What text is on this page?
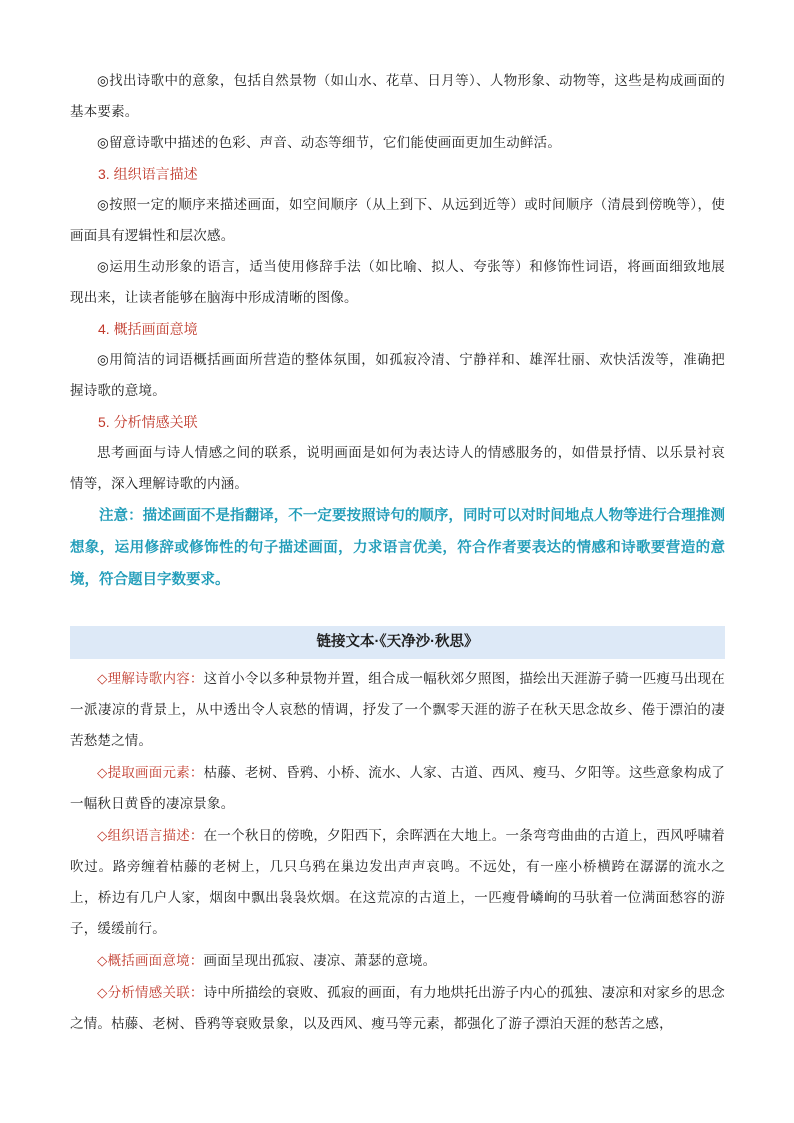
◎找出诗歌中的意象，包括自然景物（如山水、花草、日月等）、人物形象、动物等，这些是构成画面的基本要素。

◎留意诗歌中描述的色彩、声音、动态等细节，它们能使画面更加生动鲜活。

3. 组织语言描述

◎按照一定的顺序来描述画面，如空间顺序（从上到下、从远到近等）或时间顺序（清晨到傍晚等），使画面具有逻辑性和层次感。

◎运用生动形象的语言，适当使用修辞手法（如比喻、拟人、夸张等）和修饰性词语，将画面细致地展现出来，让读者能够在脑海中形成清晰的图像。

4. 概括画面意境

◎用简洁的词语概括画面所营造的整体氛围，如孤寂冷清、宁静祥和、雄浑壮丽、欢快活泼等，准确把握诗歌的意境。

5. 分析情感关联

思考画面与诗人情感之间的联系，说明画面是如何为表达诗人的情感服务的，如借景抒情、以乐景衬哀情等，深入理解诗歌的内涵。

注意：描述画面不是指翻译，不一定要按照诗句的顺序，同时可以对时间地点人物等进行合理推测想象，运用修辞或修饰性的句子描述画面，力求语言优美，符合作者要表达的情感和诗歌要营造的意境，符合题目字数要求。

链接文本·《天净沙·秋思》

◇理解诗歌内容：这首小令以多种景物并置，组合成一幅秋郊夕照图，描绘出天涯游子骑一匹瘦马出现在一派凄凉的背景上，从中透出令人哀愁的情调，抒发了一个飘零天涯的游子在秋天思念故乡、倦于漂泊的凄苦愁楚之情。

◇提取画面元素：枯藤、老树、昏鸦、小桥、流水、人家、古道、西风、瘦马、夕阳等。这些意象构成了一幅秋日黄昏的凄凉景象。

◇组织语言描述：在一个秋日的傍晚，夕阳西下，余晖洒在大地上。一条弯弯曲曲的古道上，西风呼啸着吹过。路旁缠着枯藤的老树上，几只乌鸦在巢边发出声声哀鸣。不远处，有一座小桥横跨在潺潺的流水之上，桥边有几户人家，烟囱中飘出袅袅炊烟。在这荒凉的古道上，一匹瘦骨嶙峋的马驮着一位满面愁容的游子，缓缓前行。

◇概括画面意境：画面呈现出孤寂、凄凉、萧瑟的意境。

◇分析情感关联：诗中所描绘的衰败、孤寂的画面，有力地烘托出游子内心的孤独、凄凉和对家乡的思念之情。枯藤、老树、昏鸦等衰败景象，以及西风、瘦马等元素，都强化了游子漂泊天涯的愁苦之感，
